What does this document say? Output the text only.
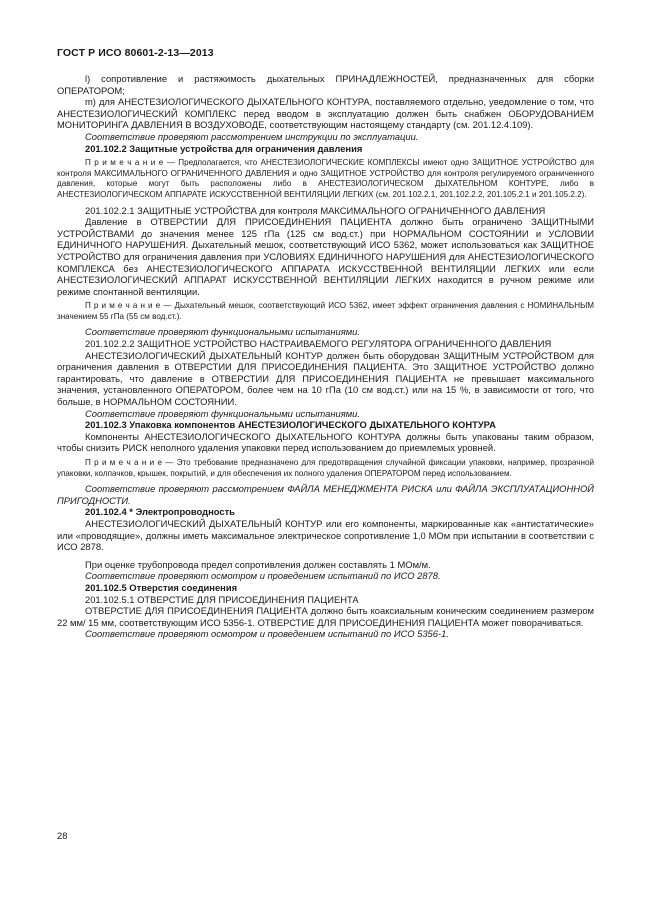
ГОСТ Р ИСО 80601-2-13—2013

l) сопротивление и растяжимость дыхательных ПРИНАДЛЕЖНОСТЕЙ, предназначенных для сборки ОПЕРАТОРОМ;

m) для АНЕСТЕЗИОЛОГИЧЕСКОГО ДЫХАТЕЛЬНОГО КОНТУРА, поставляемого отдельно, уведомление о том, что АНЕСТЕЗИОЛОГИЧЕСКИЙ КОМПЛЕКС перед вводом в эксплуатацию должен быть снабжен ОБОРУДОВАНИЕМ МОНИТОРИНГА ДАВЛЕНИЯ В ВОЗДУХОВОДЕ, соответствующим настоящему стандарту (см. 201.12.4.109).

Соответствие проверяют рассмотрением инструкции по эксплуатации.

201.102.2 Защитные устройства для ограничения давления

П р и м е ч а н и е — Предполагается, что АНЕСТЕЗИОЛОГИЧЕСКИЕ КОМПЛЕКСЫ имеют одно ЗАЩИТНОЕ УСТРОЙСТВО для контроля МАКСИМАЛЬНОГО ОГРАНИЧЕННОГО ДАВЛЕНИЯ и одно ЗАЩИТНОЕ УСТРОЙСТВО для контроля регулируемого ограниченного давления, которые могут быть расположены либо в АНЕСТЕЗИОЛОГИЧЕСКОМ ДЫХАТЕЛЬНОМ КОНТУРЕ, либо в АНЕСТЕЗИОЛОГИЧЕСКОМ АППАРАТЕ ИСКУССТВЕННОЙ ВЕНТИЛЯЦИИ ЛЕГКИХ (см. 201.102.2.1, 201.102.2.2, 201.105.2.1 и 201.105.2.2).

201.102.2.1 ЗАЩИТНЫЕ УСТРОЙСТВА для контроля МАКСИМАЛЬНОГО ОГРАНИЧЕННОГО ДАВЛЕНИЯ

Давление в ОТВЕРСТИИ ДЛЯ ПРИСОЕДИНЕНИЯ ПАЦИЕНТА должно быть ограничено ЗАЩИТНЫМИ УСТРОЙСТВАМИ до значения менее 125 гПа (125 см вод.ст.) при НОРМАЛЬНОМ СОСТОЯНИИ и УСЛОВИИ ЕДИНИЧНОГО НАРУШЕНИЯ. Дыхательный мешок, соответствующий ИСО 5362, может использоваться как ЗАЩИТНОЕ УСТРОЙСТВО для ограничения давления при УСЛОВИЯХ ЕДИНИЧНОГО НАРУШЕНИЯ для АНЕСТЕЗИОЛОГИЧЕСКОГО КОМПЛЕКСА без АНЕСТЕЗИОЛОГИЧЕСКОГО АППАРАТА ИСКУССТВЕННОЙ ВЕНТИЛЯЦИИ ЛЕГКИХ или если АНЕСТЕЗИОЛОГИЧЕСКИЙ АППАРАТ ИСКУССТВЕННОЙ ВЕНТИЛЯЦИИ ЛЕГКИХ находится в ручном режиме или режиме спонтанной вентиляции.

П р и м е ч а н и е — Дыхательный мешок, соответствующий ИСО 5362, имеет эффект ограничения давления с НОМИНАЛЬНЫМ значением 55 гПа (55 см вод.ст.).

Соответствие проверяют функциональными испытаниями.

201.102.2.2 ЗАЩИТНОЕ УСТРОЙСТВО НАСТРАИВАЕМОГО РЕГУЛЯТОРА ОГРАНИЧЕННОГО ДАВЛЕНИЯ

АНЕСТЕЗИОЛОГИЧЕСКИЙ ДЫХАТЕЛЬНЫЙ КОНТУР должен быть оборудован ЗАЩИТНЫМ УСТРОЙСТВОМ для ограничения давления в ОТВЕРСТИИ ДЛЯ ПРИСОЕДИНЕНИЯ ПАЦИЕНТА. Это ЗАЩИТНОЕ УСТРОЙСТВО должно гарантировать, что давление в ОТВЕРСТИИ ДЛЯ ПРИСОЕДИНЕНИЯ ПАЦИЕНТА не превышает максимального значения, установленного ОПЕРАТОРОМ, более чем на 10 гПа (10 см вод.ст.) или на 15 %, в зависимости от того, что больше, в НОРМАЛЬНОМ СОСТОЯНИИ.

Соответствие проверяют функциональными испытаниями.

201.102.3 Упаковка компонентов АНЕСТЕЗИОЛОГИЧЕСКОГО ДЫХАТЕЛЬНОГО КОНТУРА

Компоненты АНЕСТЕЗИОЛОГИЧЕСКОГО ДЫХАТЕЛЬНОГО КОНТУРА должны быть упакованы таким образом, чтобы снизить РИСК неполного удаления упаковки перед использованием до приемлемых уровней.

П р и м е ч а н и е — Это требование предназначено для предотвращения случайной фиксации упаковки, например, прозрачной упаковки, колпачков, крышек, покрытий, и для обеспечения их полного удаления ОПЕРАТОРОМ перед использованием.

Соответствие проверяют рассмотрением ФАЙЛА МЕНЕДЖМЕНТА РИСКА или ФАЙЛА ЭКСПЛУАТАЦИОННОЙ ПРИГОДНОСТИ.

201.102.4 * Электропроводность

АНЕСТЕЗИОЛОГИЧЕСКИЙ ДЫХАТЕЛЬНЫЙ КОНТУР или его компоненты, маркированные как «антистатические» или «проводящие», должны иметь максимальное электрическое сопротивление 1,0 МОм при испытании в соответствии с ИСО 2878.

При оценке трубопровода предел сопротивления должен составлять 1 МОм/м.

Соответствие проверяют осмотром и проведением испытаний по ИСО 2878.

201.102.5 Отверстия соединения

201.102.5.1 ОТВЕРСТИЕ ДЛЯ ПРИСОЕДИНЕНИЯ ПАЦИЕНТА

ОТВЕРСТИЕ ДЛЯ ПРИСОЕДИНЕНИЯ ПАЦИЕНТА должно быть коаксиальным коническим соединением размером 22 мм/ 15 мм, соответствующим ИСО 5356-1. ОТВЕРСТИЕ ДЛЯ ПРИСОЕДИНЕНИЯ ПАЦИЕНТА может поворачиваться.

Соответствие проверяют осмотром и проведением испытаний по ИСО 5356-1.

28
